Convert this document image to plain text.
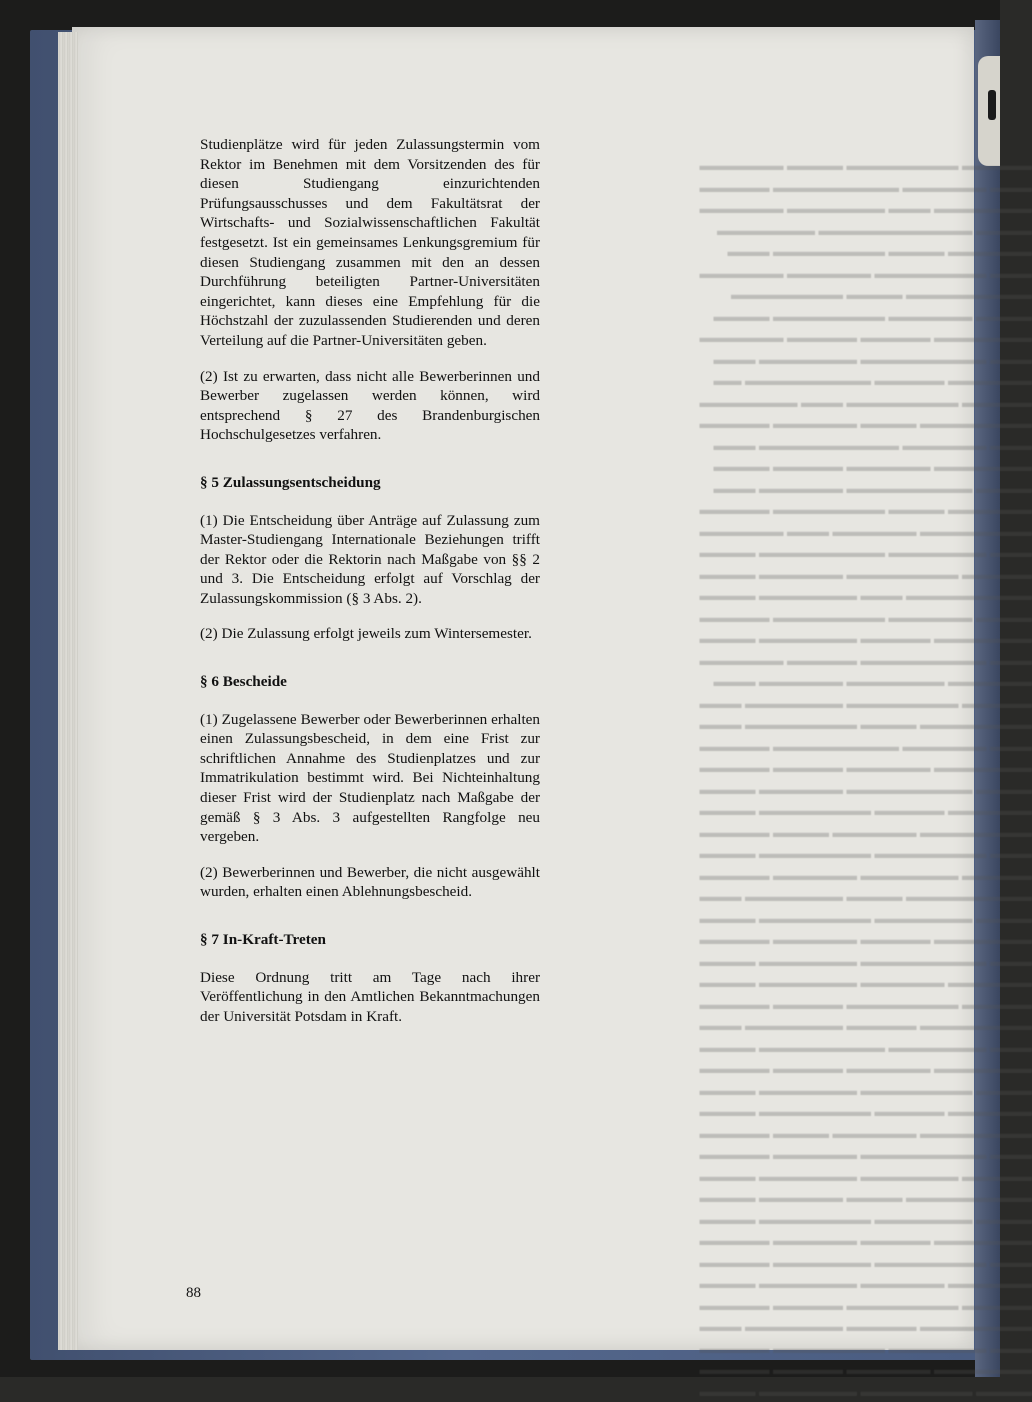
▬▬▬▬▬ ▬▬▬▬▬▬▬▬ ▬▬▬▬ ▬▬▬▬▬▬
▬▬▬ ▬▬▬▬▬▬ ▬▬▬▬▬▬▬▬▬ ▬▬▬▬▬
▬▬▬▬▬▬▬ ▬▬▬ ▬▬▬▬▬▬▬ ▬▬▬▬▬▬
▬▬▬▬ ▬▬▬▬▬▬▬▬▬▬▬ ▬▬▬▬▬▬▬
▬▬▬▬▬▬ ▬▬▬▬ ▬▬▬▬▬▬▬▬ ▬▬▬
▬▬▬ ▬▬▬▬▬▬▬▬ ▬▬▬▬▬▬ ▬▬▬▬▬▬
▬▬▬▬▬▬▬▬▬ ▬▬▬▬ ▬▬▬▬▬▬▬▬
▬▬▬▬ ▬▬▬▬▬▬ ▬▬▬▬▬▬▬▬ ▬▬▬▬
▬▬▬▬▬▬▬ ▬▬▬▬▬ ▬▬▬▬▬ ▬▬▬▬▬▬
▬▬▬ ▬▬▬▬▬▬▬▬▬ ▬▬▬▬▬▬▬ ▬▬▬
▬▬▬▬▬▬ ▬▬▬▬▬ ▬▬▬▬▬▬▬▬▬ ▬▬
▬▬▬▬▬ ▬▬▬▬▬▬▬▬ ▬▬▬ ▬▬▬▬▬▬▬
▬▬▬▬▬▬▬▬ ▬▬▬▬ ▬▬▬▬▬▬ ▬▬▬▬▬
▬▬▬ ▬▬▬▬▬▬ ▬▬▬▬▬▬▬▬▬▬ ▬▬▬
▬▬▬▬▬▬▬ ▬▬▬▬▬▬ ▬▬▬▬▬ ▬▬▬▬
▬▬▬▬ ▬▬▬▬▬▬▬▬▬ ▬▬▬▬▬▬ ▬▬▬
▬▬▬▬▬▬ ▬▬▬▬ ▬▬▬▬▬▬▬▬ ▬▬▬▬▬
▬▬▬▬▬▬▬▬ ▬▬▬▬▬▬ ▬▬▬ ▬▬▬▬▬▬
▬▬▬ ▬▬▬▬▬▬▬ ▬▬▬▬▬▬▬▬▬ ▬▬▬▬
▬▬▬▬▬ ▬▬▬▬▬▬▬▬ ▬▬▬▬▬▬ ▬▬▬▬
▬▬▬▬▬▬▬▬▬ ▬▬▬ ▬▬▬▬▬▬▬ ▬▬▬▬
▬▬▬▬ ▬▬▬▬▬▬ ▬▬▬▬▬▬▬▬ ▬▬▬▬▬
▬▬▬▬▬▬▬ ▬▬▬▬▬ ▬▬▬▬▬▬▬ ▬▬▬▬
▬▬▬ ▬▬▬▬▬▬▬▬▬ ▬▬▬▬▬ ▬▬▬▬▬▬
▬▬▬▬▬▬ ▬▬▬▬▬▬▬ ▬▬▬▬▬▬ ▬▬▬
▬▬▬▬▬ ▬▬▬▬▬▬▬▬ ▬▬▬▬▬▬▬ ▬▬▬
▬▬▬▬▬▬▬▬ ▬▬▬▬ ▬▬▬▬▬▬▬▬ ▬▬▬
▬▬▬ ▬▬▬▬▬▬ ▬▬▬▬▬▬▬▬▬ ▬▬▬▬▬
▬▬▬▬▬▬▬ ▬▬▬▬▬▬ ▬▬▬▬▬ ▬▬▬▬▬
▬▬▬▬ ▬▬▬▬▬▬▬▬▬ ▬▬▬▬▬▬ ▬▬▬▬
▬▬▬▬▬▬ ▬▬▬▬▬ ▬▬▬▬▬▬▬▬ ▬▬▬▬
▬▬▬▬▬▬▬▬ ▬▬▬▬▬▬ ▬▬▬▬ ▬▬▬▬▬
▬▬▬ ▬▬▬▬▬▬▬▬ ▬▬▬▬▬▬▬▬ ▬▬▬▬
▬▬▬▬▬ ▬▬▬▬▬▬▬ ▬▬▬▬▬▬ ▬▬▬▬▬
▬▬▬▬▬▬▬▬▬ ▬▬▬▬ ▬▬▬▬▬▬▬ ▬▬▬
▬▬▬▬ ▬▬▬▬▬▬▬ ▬▬▬▬▬▬▬▬ ▬▬▬▬
▬▬▬▬▬▬▬ ▬▬▬▬▬ ▬▬▬▬▬▬ ▬▬▬▬▬
▬▬▬ ▬▬▬▬▬▬▬▬▬ ▬▬▬▬▬▬▬ ▬▬▬▬
▬▬▬▬▬▬ ▬▬▬▬▬▬ ▬▬▬▬▬▬▬ ▬▬▬▬
▬▬▬▬▬ ▬▬▬▬▬▬▬▬ ▬▬▬▬▬ ▬▬▬▬▬
▬▬▬▬▬▬▬▬ ▬▬▬▬▬ ▬▬▬▬▬▬▬ ▬▬▬
▬▬▬ ▬▬▬▬▬▬▬ ▬▬▬▬▬▬▬▬▬ ▬▬▬▬
▬▬▬▬▬▬▬ ▬▬▬▬▬▬ ▬▬▬▬▬ ▬▬▬▬▬
▬▬▬▬ ▬▬▬▬▬▬▬▬ ▬▬▬▬▬▬▬ ▬▬▬▬
▬▬▬▬▬▬ ▬▬▬▬▬ ▬▬▬▬▬▬▬▬ ▬▬▬▬
▬▬▬▬▬▬▬▬ ▬▬▬▬▬▬ ▬▬▬▬ ▬▬▬▬▬
▬▬▬ ▬▬▬▬▬▬▬▬▬ ▬▬▬▬▬▬ ▬▬▬▬▬
▬▬▬▬▬ ▬▬▬▬▬▬▬ ▬▬▬▬▬▬▬ ▬▬▬▬
▬▬▬▬▬▬▬▬▬ ▬▬▬▬ ▬▬▬▬▬▬ ▬▬▬▬
▬▬▬▬ ▬▬▬▬▬▬▬ ▬▬▬▬▬▬▬▬ ▬▬▬▬
▬▬▬▬▬▬▬ ▬▬▬▬▬ ▬▬▬▬▬▬ ▬▬▬▬▬
▬▬▬ ▬▬▬▬▬▬▬▬ ▬▬▬▬▬▬▬ ▬▬▬▬▬
▬▬▬▬▬▬ ▬▬▬▬▬▬ ▬▬▬▬▬▬▬ ▬▬▬▬
▬▬▬▬▬ ▬▬▬▬▬▬▬▬ ▬▬▬▬▬ ▬▬▬▬▬
▬▬▬▬▬▬▬▬ ▬▬▬▬▬ ▬▬▬▬▬▬▬ ▬▬▬
▬▬▬ ▬▬▬▬▬▬▬ ▬▬▬▬▬▬▬▬ ▬▬▬▬▬
▬▬▬▬▬▬▬ ▬▬▬▬▬▬ ▬▬▬▬▬ ▬▬▬▬▬
▬▬▬▬ ▬▬▬▬▬▬▬▬ ▬▬▬▬▬▬▬ ▬▬▬▬

Studienplätze wird für jeden Zulassungstermin vom Rektor im Benehmen mit dem Vorsitzenden des für diesen Studiengang einzurichtenden Prüfungsausschusses und dem Fakultätsrat der Wirtschafts- und Sozialwissenschaftlichen Fakultät festgesetzt. Ist ein gemeinsames Lenkungsgremium für diesen Studiengang zusammen mit den an dessen Durchführung beteiligten Partner-Universitäten eingerichtet, kann dieses eine Empfehlung für die Höchstzahl der zuzulassenden Studierenden und deren Verteilung auf die Partner-Universitäten geben.

(2) Ist zu erwarten, dass nicht alle Bewerberinnen und Bewerber zugelassen werden können, wird entsprechend § 27 des Brandenburgischen Hochschulgesetzes verfahren.

§ 5 Zulassungsentscheidung

(1) Die Entscheidung über Anträge auf Zulassung zum Master-Studiengang Internationale Beziehungen trifft der Rektor oder die Rektorin nach Maßgabe von §§ 2 und 3. Die Entscheidung erfolgt auf Vorschlag der Zulassungskommission (§ 3 Abs. 2).

(2) Die Zulassung erfolgt jeweils zum Wintersemester.

§ 6 Bescheide

(1) Zugelassene Bewerber oder Bewerberinnen erhalten einen Zulassungsbescheid, in dem eine Frist zur schriftlichen Annahme des Studienplatzes und zur Immatrikulation bestimmt wird. Bei Nichteinhaltung dieser Frist wird der Studienplatz nach Maßgabe der gemäß § 3 Abs. 3 aufgestellten Rangfolge neu vergeben.

(2) Bewerberinnen und Bewerber, die nicht ausgewählt wurden, erhalten einen Ablehnungsbescheid.

§ 7 In-Kraft-Treten

Diese Ordnung tritt am Tage nach ihrer Veröffentlichung in den Amtlichen Bekanntmachungen der Universität Potsdam in Kraft.

88
